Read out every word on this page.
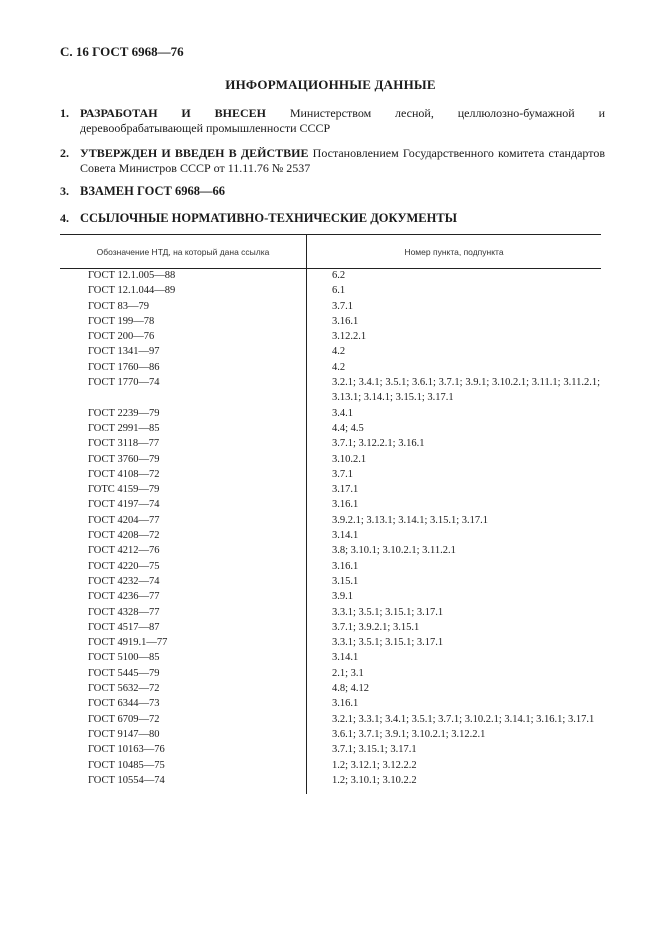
С. 16 ГОСТ 6968—76
ИНФОРМАЦИОННЫЕ ДАННЫЕ
1. РАЗРАБОТАН И ВНЕСЕН Министерством лесной, целлюлозно-бумажной и деревообрабатывающей промышленности СССР
2. УТВЕРЖДЕН И ВВЕДЕН В ДЕЙСТВИЕ Постановлением Государственного комитета стандартов Совета Министров СССР от 11.11.76 № 2537
3. ВЗАМЕН ГОСТ 6968—66
4. ССЫЛОЧНЫЕ НОРМАТИВНО-ТЕХНИЧЕСКИЕ ДОКУМЕНТЫ
Обозначение НТД, на который дана ссылка	Номер пункта, подпункта
ГОСТ 12.1.005—88	6.2
ГОСТ 12.1.044—89	6.1
ГОСТ 83—79	3.7.1
ГОСТ 199—78	3.16.1
ГОСТ 200—76	3.12.2.1
ГОСТ 1341—97	4.2
ГОСТ 1760—86	4.2
ГОСТ 1770—74	3.2.1; 3.4.1; 3.5.1; 3.6.1; 3.7.1; 3.9.1; 3.10.2.1; 3.11.1; 3.11.2.1; 3.13.1; 3.14.1; 3.15.1; 3.17.1
ГОСТ 2239—79	3.4.1
ГОСТ 2991—85	4.4; 4.5
ГОСТ 3118—77	3.7.1; 3.12.2.1; 3.16.1
ГОСТ 3760—79	3.10.2.1
ГОСТ 4108—72	3.7.1
ГОТС 4159—79	3.17.1
ГОСТ 4197—74	3.16.1
ГОСТ 4204—77	3.9.2.1; 3.13.1; 3.14.1; 3.15.1; 3.17.1
ГОСТ 4208—72	3.14.1
ГОСТ 4212—76	3.8; 3.10.1; 3.10.2.1; 3.11.2.1
ГОСТ 4220—75	3.16.1
ГОСТ 4232—74	3.15.1
ГОСТ 4236—77	3.9.1
ГОСТ 4328—77	3.3.1; 3.5.1; 3.15.1; 3.17.1
ГОСТ 4517—87	3.7.1; 3.9.2.1; 3.15.1
ГОСТ 4919.1—77	3.3.1; 3.5.1; 3.15.1; 3.17.1
ГОСТ 5100—85	3.14.1
ГОСТ 5445—79	2.1; 3.1
ГОСТ 5632—72	4.8; 4.12
ГОСТ 6344—73	3.16.1
ГОСТ 6709—72	3.2.1; 3.3.1; 3.4.1; 3.5.1; 3.7.1; 3.10.2.1; 3.14.1; 3.16.1; 3.17.1
ГОСТ 9147—80	3.6.1; 3.7.1; 3.9.1; 3.10.2.1; 3.12.2.1
ГОСТ 10163—76	3.7.1; 3.15.1; 3.17.1
ГОСТ 10485—75	1.2; 3.12.1; 3.12.2.2
ГОСТ 10554—74	1.2; 3.10.1; 3.10.2.2
